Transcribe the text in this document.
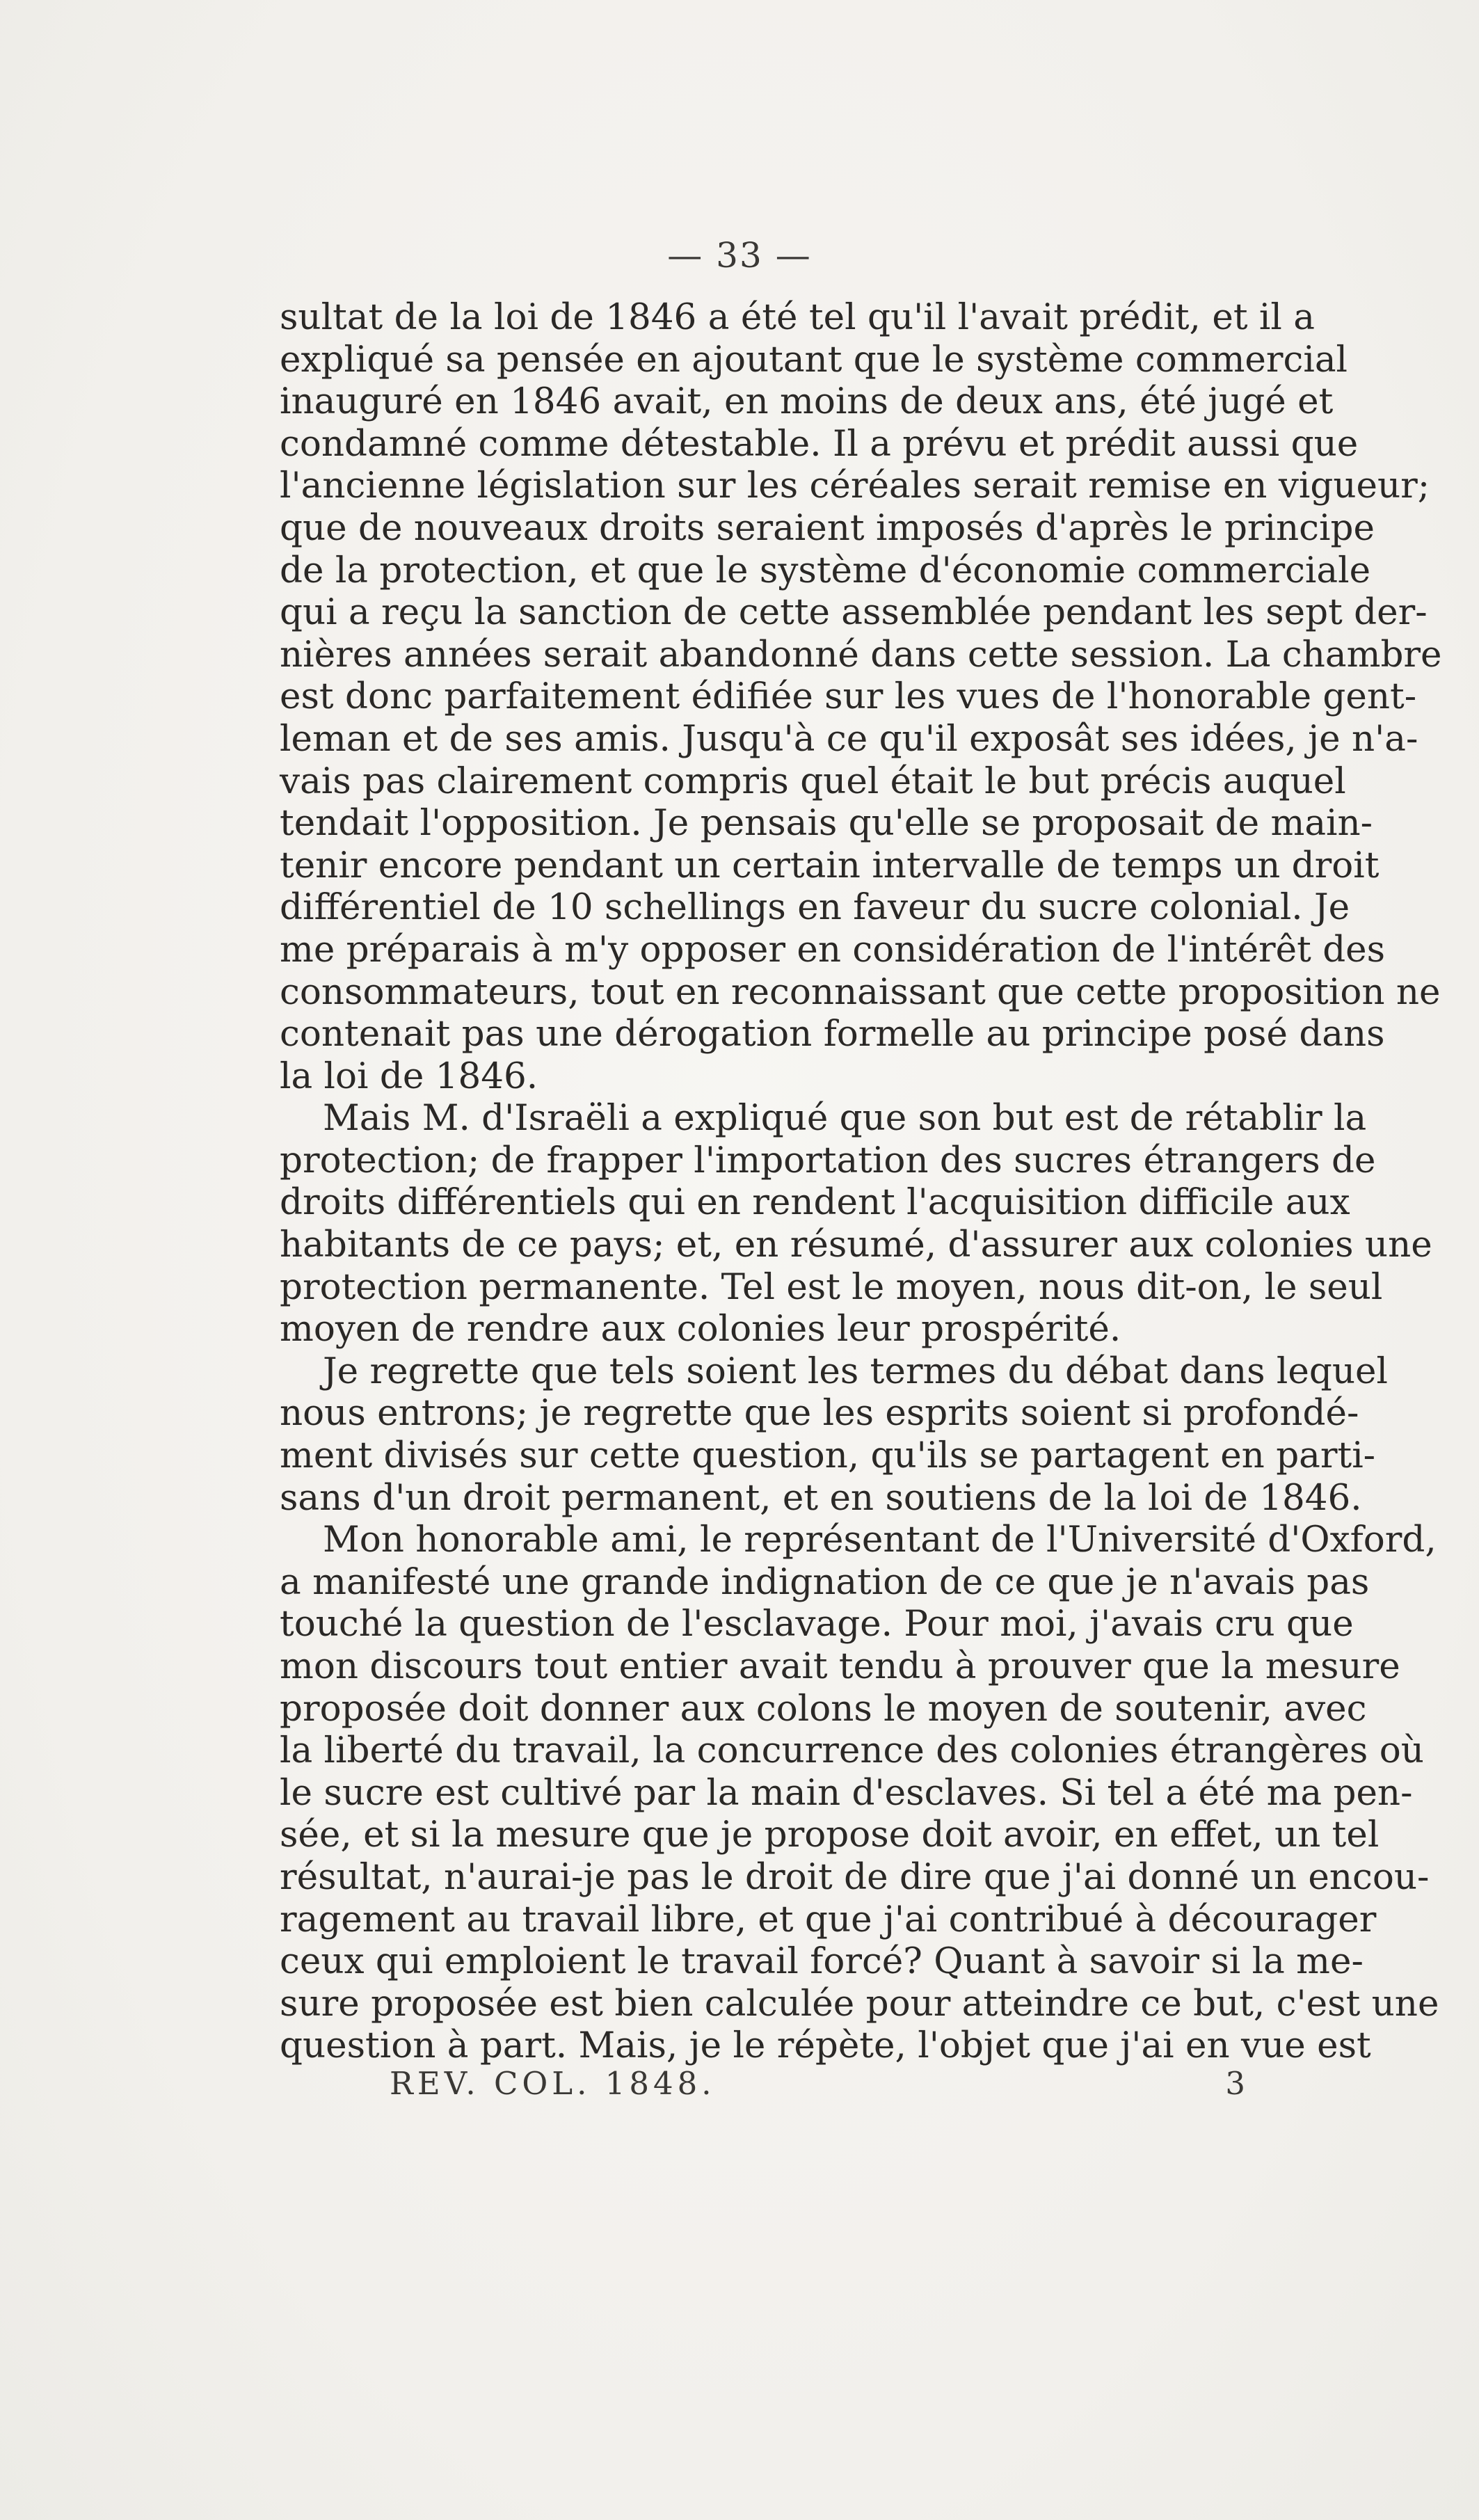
— 33 —
sultat de la loi de 1846 a été tel qu'il l'avait prédit, et il a
expliqué sa pensée en ajoutant que le système commercial
inauguré en 1846 avait, en moins de deux ans, été jugé et
condamné comme détestable. Il a prévu et prédit aussi que
l'ancienne législation sur les céréales serait remise en vigueur;
que de nouveaux droits seraient imposés d'après le principe
de la protection, et que le système d'économie commerciale
qui a reçu la sanction de cette assemblée pendant les sept der-
nières années serait abandonné dans cette session. La chambre
est donc parfaitement édifiée sur les vues de l'honorable gent-
leman et de ses amis. Jusqu'à ce qu'il exposât ses idées, je n'a-
vais pas clairement compris quel était le but précis auquel
tendait l'opposition. Je pensais qu'elle se proposait de main-
tenir encore pendant un certain intervalle de temps un droit
différentiel de 10 schellings en faveur du sucre colonial. Je
me préparais à m'y opposer en considération de l'intérêt des
consommateurs, tout en reconnaissant que cette proposition ne
contenait pas une dérogation formelle au principe posé dans
la loi de 1846.
Mais M. d'Israëli a expliqué que son but est de rétablir la
protection; de frapper l'importation des sucres étrangers de
droits différentiels qui en rendent l'acquisition difficile aux
habitants de ce pays; et, en résumé, d'assurer aux colonies une
protection permanente. Tel est le moyen, nous dit-on, le seul
moyen de rendre aux colonies leur prospérité.
Je regrette que tels soient les termes du débat dans lequel
nous entrons; je regrette que les esprits soient si profondé-
ment divisés sur cette question, qu'ils se partagent en parti-
sans d'un droit permanent, et en soutiens de la loi de 1846.
Mon honorable ami, le représentant de l'Université d'Oxford,
a manifesté une grande indignation de ce que je n'avais pas
touché la question de l'esclavage. Pour moi, j'avais cru que
mon discours tout entier avait tendu à prouver que la mesure
proposée doit donner aux colons le moyen de soutenir, avec
la liberté du travail, la concurrence des colonies étrangères où
le sucre est cultivé par la main d'esclaves. Si tel a été ma pen-
sée, et si la mesure que je propose doit avoir, en effet, un tel
résultat, n'aurai-je pas le droit de dire que j'ai donné un encou-
ragement au travail libre, et que j'ai contribué à décourager
ceux qui emploient le travail forcé? Quant à savoir si la me-
sure proposée est bien calculée pour atteindre ce but, c'est une
question à part. Mais, je le répète, l'objet que j'ai en vue est
REV. COL. 1848.	3
